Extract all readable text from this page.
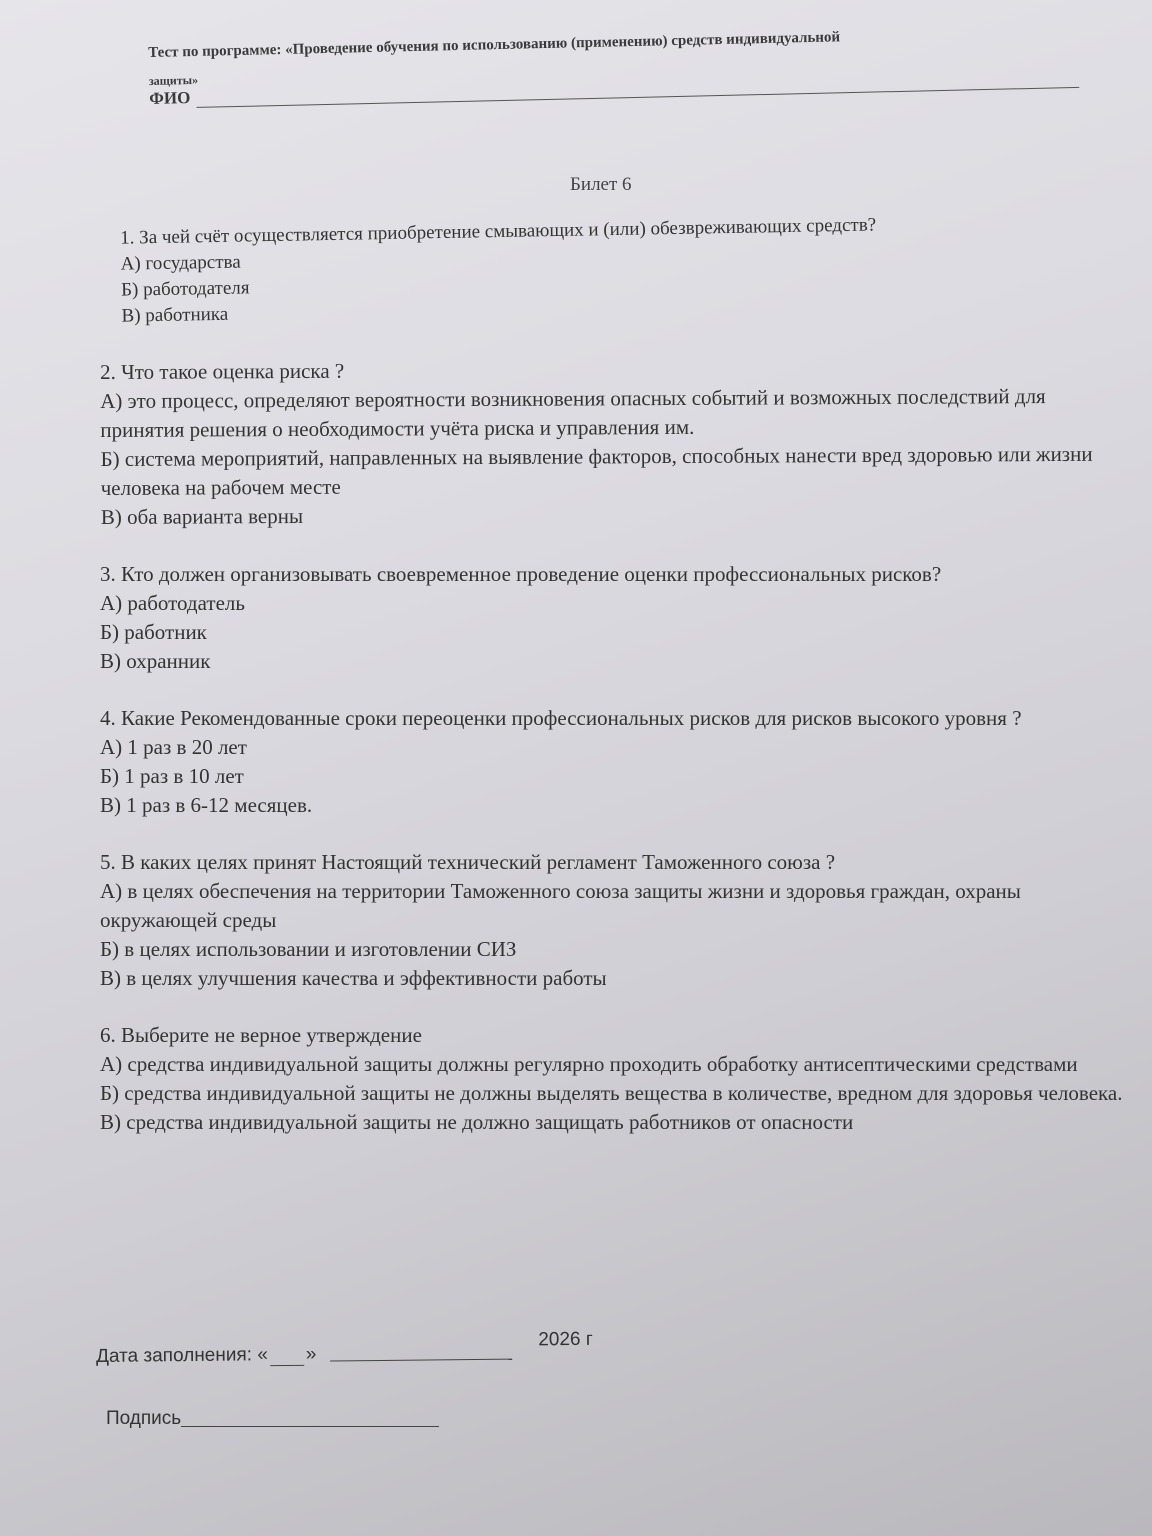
Тест по программе: «Проведение обучения по использованию (применению) средств индивидуальной
защиты»
ФИО
Билет 6
1. За чей счёт осуществляется приобретение смывающих и (или) обезвреживающих средств?
А) государства
Б) работодателя
В) работника
2. Что такое оценка риска ?
А) это процесс, определяют вероятности возникновения опасных событий и возможных последствий для принятия решения о необходимости учёта риска и управления им.
Б) система мероприятий, направленных на выявление факторов, способных нанести вред здоровью или жизни человека на рабочем месте
В) оба варианта верны
3. Кто должен организовывать своевременное проведение оценки профессиональных рисков?
А) работодатель
Б) работник
В) охранник
4. Какие Рекомендованные сроки переоценки профессиональных рисков для рисков высокого уровня ?
А) 1 раз в 20 лет
Б) 1 раз в 10 лет
В) 1 раз в 6-12 месяцев.
5. В каких целях принят Настоящий технический регламент Таможенного союза ?
А) в целях обеспечения на территории Таможенного союза защиты жизни и здоровья граждан, охраны окружающей среды
Б) в целях использовании и изготовлении СИЗ
В) в целях улучшения качества и эффективности работы
6. Выберите не верное утверждение
А) средства индивидуальной защиты должны регулярно проходить обработку антисептическими средствами
Б) средства индивидуальной защиты не должны выделять вещества в количестве, вредном для здоровья человека.
В) средства индивидуальной защиты не должно защищать работников от опасности
Дата заполнения: « »
2026 г
Подпись
